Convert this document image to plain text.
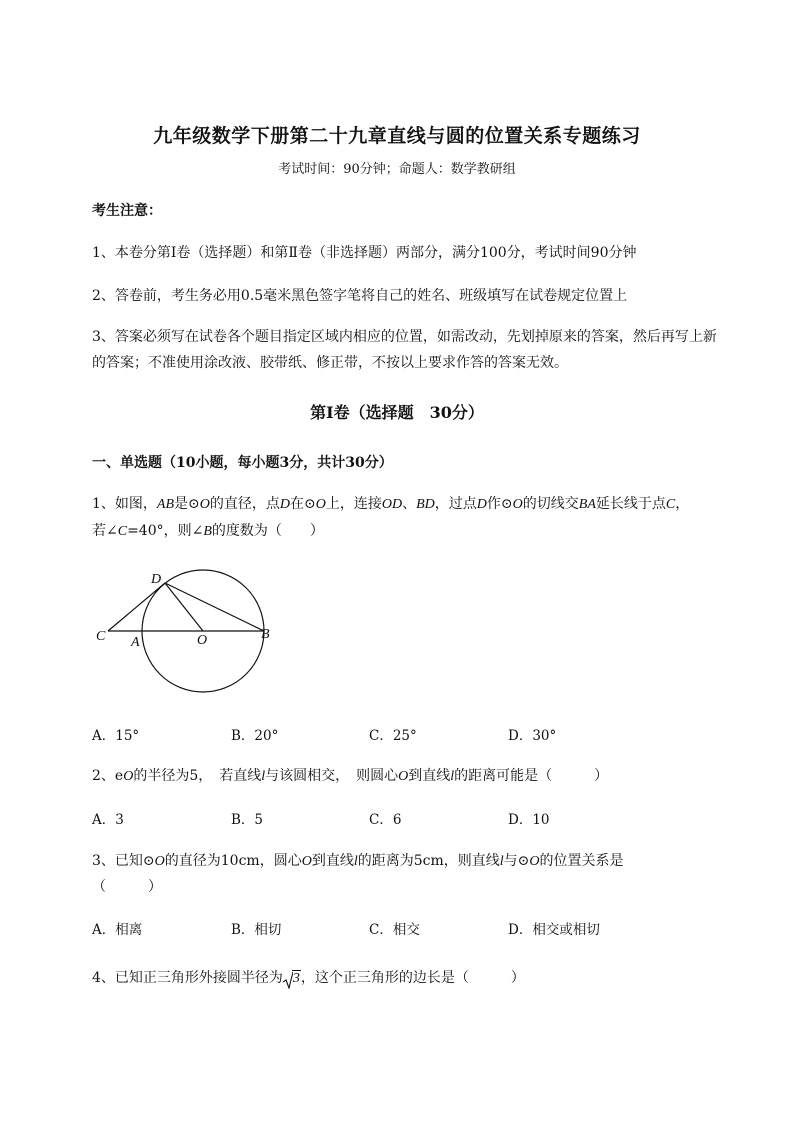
九年级数学下册第二十九章直线与圆的位置关系专题练习
考试时间：90分钟；命题人：数学教研组
考生注意：
1、本卷分第Ⅰ卷（选择题）和第Ⅱ卷（非选择题）两部分，满分100分，考试时间90分钟
2、答卷前，考生务必用0.5毫米黑色签字笔将自己的姓名、班级填写在试卷规定位置上
3、答案必须写在试卷各个题目指定区域内相应的位置，如需改动，先划掉原来的答案，然后再写上新
的答案；不准使用涂改液、胶带纸、修正带，不按以上要求作答的答案无效。
第Ⅰ卷（选择题　30分）
一、单选题（10小题，每小题3分，共计30分）
1、如图，AB是⊙O的直径，点D在⊙O上，连接OD、BD，过点D作⊙O的切线交BA延长线于点C，
若∠C=40°，则∠B的度数为（　　）
D
C A	O	B
A．15°	B．20°	C．25°	D．30°
2、eO的半径为5，　若直线l与该圆相交，　则圆心O到直线l的距离可能是（　　　）
A．3	B．5	C．6	D．10
3、已知⊙O的直径为10cm，圆心O到直线l的距离为5cm，则直线l与⊙O的位置关系是
（　　　）
A．相离	B．相切	C．相交	D．相交或相切
4、已知正三角形外接圆半径为 3，这个正三角形的边长是（　　　）
